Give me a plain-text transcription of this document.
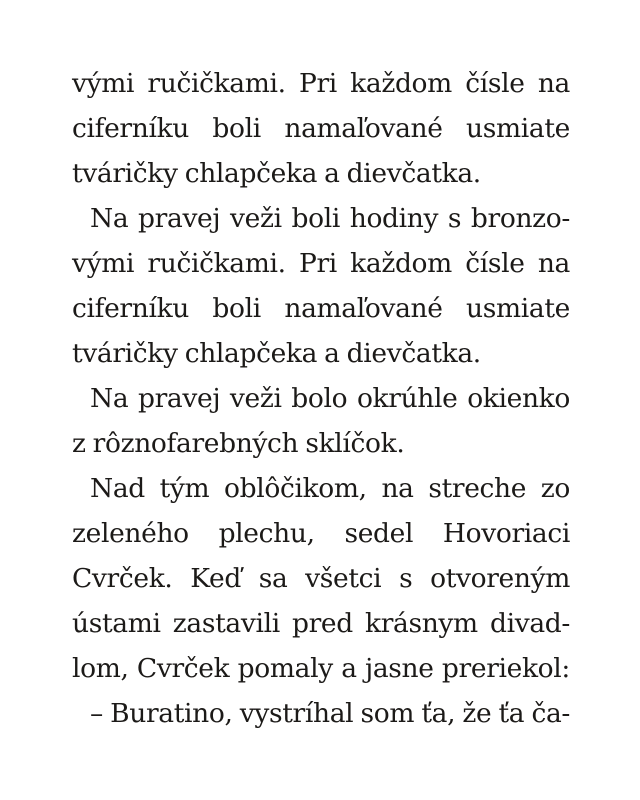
vými ručičkami. Pri každom čísle na
ciferníku boli namaľované usmiate
tváričky chlapčeka a dievčatka.
Na pravej veži boli hodiny s bronzo-
vými ručičkami. Pri každom čísle na
ciferníku boli namaľované usmiate
tváričky chlapčeka a dievčatka.
Na pravej veži bolo okrúhle okienko
z rôznofarebných sklíčok.
Nad tým oblôčikom, na streche zo
zeleného plechu, sedel Hovoriaci
Cvrček. Keď sa všetci s otvoreným
ústami zastavili pred krásnym divad-
lom, Cvrček pomaly a jasne preriekol:
– Buratino, vystríhal som ťa, že ťa ča-
